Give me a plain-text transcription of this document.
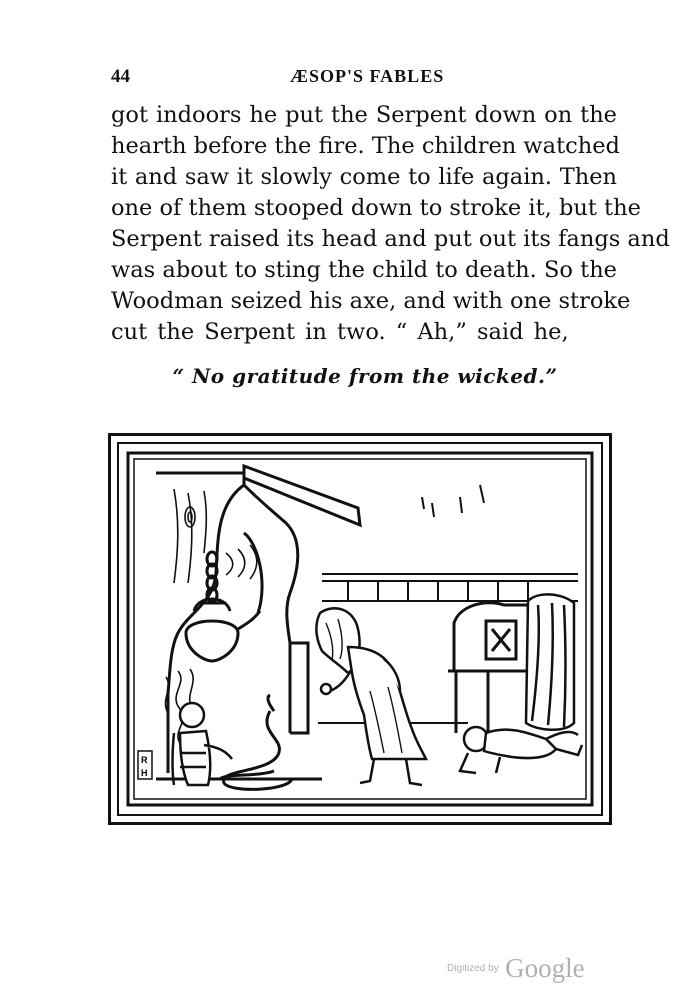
44	ÆSOP'S FABLES
got indoors he put the Serpent down on the
hearth before the fire. The children watched
it and saw it slowly come to life again. Then
one of them stooped down to stroke it, but the
Serpent raised its head and put out its fangs and
was about to sting the child to death. So the
Woodman seized his axe, and with one stroke
cut the Serpent in two. “ Ah,” said he,
“ No gratitude from the wicked.”
R
H
Digitized by Google
